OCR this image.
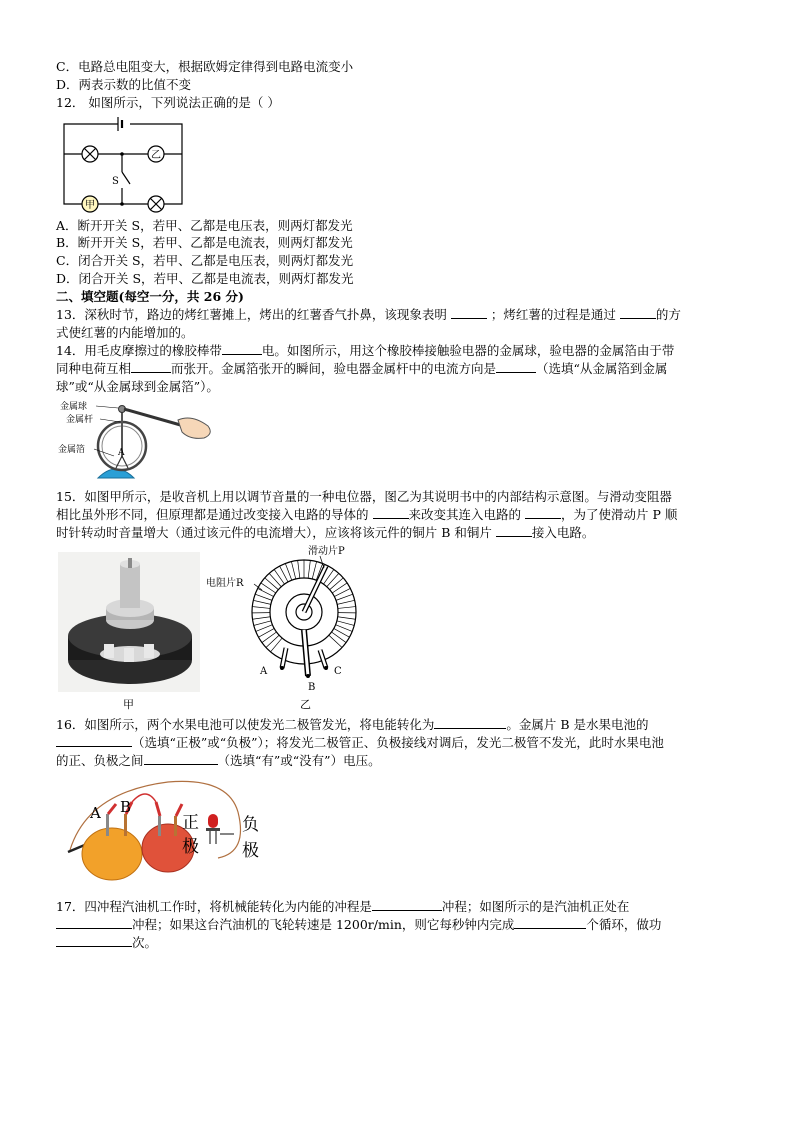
C．电路总电阻变大，根据欧姆定律得到电路电流变小
D．两表示数的比值不变
12． 如图所示，下列说法正确的是（ ）
乙
甲
S
A．断开开关 S，若甲、乙都是电压表，则两灯都发光
B．断开开关 S，若甲、乙都是电流表，则两灯都发光
C．闭合开关 S，若甲、乙都是电压表，则两灯都发光
D．闭合开关 S，若甲、乙都是电流表，则两灯都发光
二、填空题(每空一分，共 26 分)
13．深秋时节，路边的烤红薯摊上，烤出的红薯香气扑鼻，该现象表明	；烤红薯的过程是通过	的方
式使红薯的内能增加的。
14．用毛皮摩擦过的橡胶棒带	电。如图所示，用这个橡胶棒接触验电器的金属球，验电器的金属箔由于带
同种电荷互相	而张开。金属箔张开的瞬间，验电器金属杆中的电流方向是	（选填“从金属箔到金属
球”或“从金属球到金属箔”）。
金属球
金属杆
金属箔	A
15．如图甲所示，是收音机上用以调节音量的一种电位器，图乙为其说明书中的内部结构示意图。与滑动变阻器
相比虽外形不同，但原理都是通过改变接入电路的导体的	来改变其连入电路的	，为了使滑动片 P 顺
时针转动时音量增大（通过该元件的电流增大），应该将该元件的铜片 B 和铜片	接入电路。
甲
滑动片P
电阻片R
A
B
C
乙
16．如图所示，两个水果电池可以使发光二极管发光，将电能转化为	。金属片 B 是水果电池的
（选填“正极”或“负极”）；将发光二极管正、负极接线对调后，发光二极管不发光，此时水果电池
的正、负极之间	（选填“有”或“没有”）电压。
A B
正
极
负
极
17．四冲程汽油机工作时，将机械能转化为内能的冲程是	冲程；如图所示的是汽油机正处在
冲程；如果这台汽油机的飞轮转速是 1200r/min，则它每秒钟内完成	个循环，做功
次。
